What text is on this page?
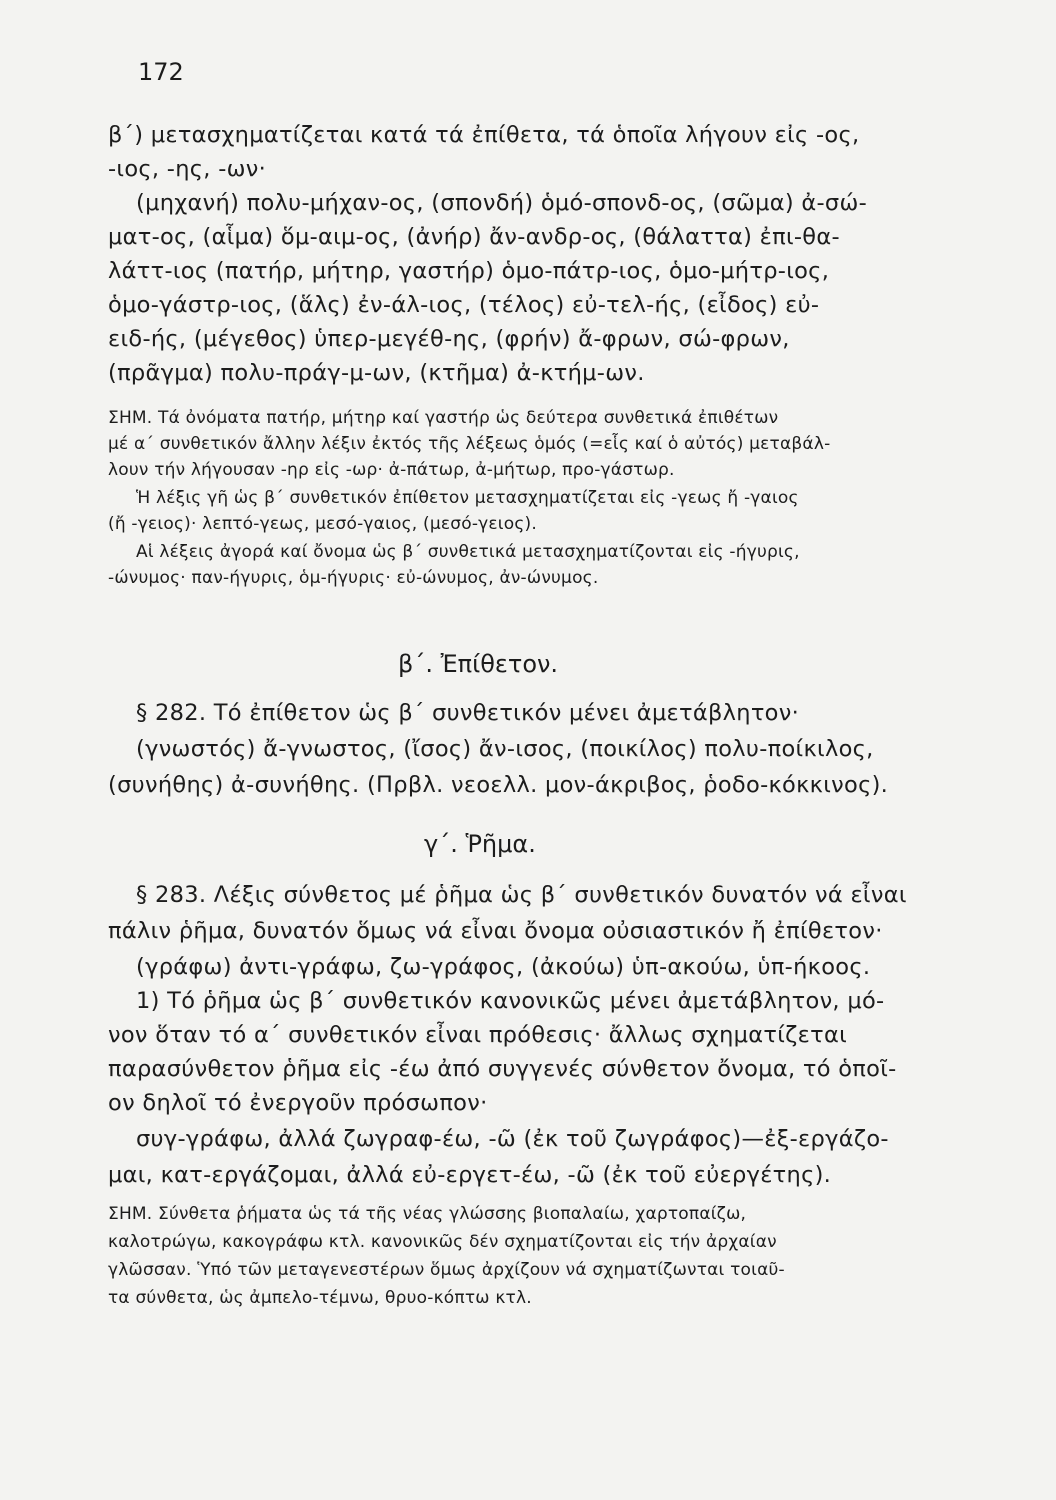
172
β΄) μετασχηματίζεται κατά τά ἐπίθετα, τά ὁποῖα λήγουν εἰς -ος,
-ιος, -ης, -ων·
(μηχανή) πολυ-μήχαν-ος, (σπονδή) ὁμό-σπονδ-ος, (σῶμα) ἀ-σώ-
ματ-ος, (αἷμα) ὅμ-αιμ-ος, (ἀνήρ) ἄν-ανδρ-ος, (θάλαττα) ἐπι-θα-
λάττ-ιος (πατήρ, μήτηρ, γαστήρ) ὁμο-πάτρ-ιος, ὁμο-μήτρ-ιος,
ὁμο-γάστρ-ιος, (ἅλς) ἐν-άλ-ιος, (τέλος) εὐ-τελ-ής, (εἶδος) εὐ-
ειδ-ής, (μέγεθος) ὑπερ-μεγέθ-ης, (φρήν) ἄ-φρων, σώ-φρων,
(πρᾶγμα) πολυ-πράγ-μ-ων, (κτῆμα) ἀ-κτήμ-ων.
ΣΗΜ. Τά ὀνόματα πατήρ, μήτηρ καί γαστήρ ὡς δεύτερα συνθετικά ἐπιθέτων
μέ α΄ συνθετικόν ἄλλην λέξιν ἐκτός τῆς λέξεως ὁμός (=εἷς καί ὁ αὐτός) μεταβάλ-
λουν τήν λήγουσαν -ηρ εἰς -ωρ· ἀ-πάτωρ, ἀ-μήτωρ, προ-γάστωρ.
Ἡ λέξις γῆ ὡς β΄ συνθετικόν ἐπίθετον μετασχηματίζεται εἰς -γεως ἤ -γαιος
(ἤ -γειος)· λεπτό-γεως, μεσό-γαιος, (μεσό-γειος).
Αἱ λέξεις ἀγορά καί ὄνομα ὡς β΄ συνθετικά μετασχηματίζονται εἰς -ήγυρις,
-ώνυμος· παν-ήγυρις, ὁμ-ήγυρις· εὐ-ώνυμος, ἀν-ώνυμος.
β΄. Ἐπίθετον.
§ 282. Τό ἐπίθετον ὡς β΄ συνθετικόν μένει ἀμετάβλητον·
(γνωστός) ἄ-γνωστος, (ἴσος) ἄν-ισος, (ποικίλος) πολυ-ποίκιλος,
(συνήθης) ἀ-συνήθης. (Πρβλ. νεοελλ. μον-άκριβος, ῥοδο-κόκκινος).
γ΄. Ῥῆμα.
§ 283. Λέξις σύνθετος μέ ῥῆμα ὡς β΄ συνθετικόν δυνατόν νά εἶναι
πάλιν ῥῆμα, δυνατόν ὅμως νά εἶναι ὄνομα οὐσιαστικόν ἤ ἐπίθετον·
(γράφω) ἀντι-γράφω, ζω-γράφος, (ἀκούω) ὑπ-ακούω, ὑπ-ήκοος.
1) Τό ῥῆμα ὡς β΄ συνθετικόν κανονικῶς μένει ἀμετάβλητον, μό-
νον ὅταν τό α΄ συνθετικόν εἶναι πρόθεσις· ἄλλως σχηματίζεται
παρασύνθετον ῥῆμα εἰς -έω ἀπό συγγενές σύνθετον ὄνομα, τό ὁποῖ-
ον δηλοῖ τό ἐνεργοῦν πρόσωπον·
συγ-γράφω, ἀλλά ζωγραφ-έω, -ῶ (ἐκ τοῦ ζωγράφος)—ἐξ-εργάζο-
μαι, κατ-εργάζομαι, ἀλλά εὐ-εργετ-έω, -ῶ (ἐκ τοῦ εὐεργέτης).
ΣΗΜ. Σύνθετα ῥήματα ὡς τά τῆς νέας γλώσσης βιοπαλαίω, χαρτοπαίζω,
καλοτρώγω, κακογράφω κτλ. κανονικῶς δέν σχηματίζονται εἰς τήν ἀρχαίαν
γλῶσσαν. Ὑπό τῶν μεταγενεστέρων ὅμως ἀρχίζουν νά σχηματίζωνται τοιαῦ-
τα σύνθετα, ὡς ἀμπελο-τέμνω, θρυο-κόπτω κτλ.
